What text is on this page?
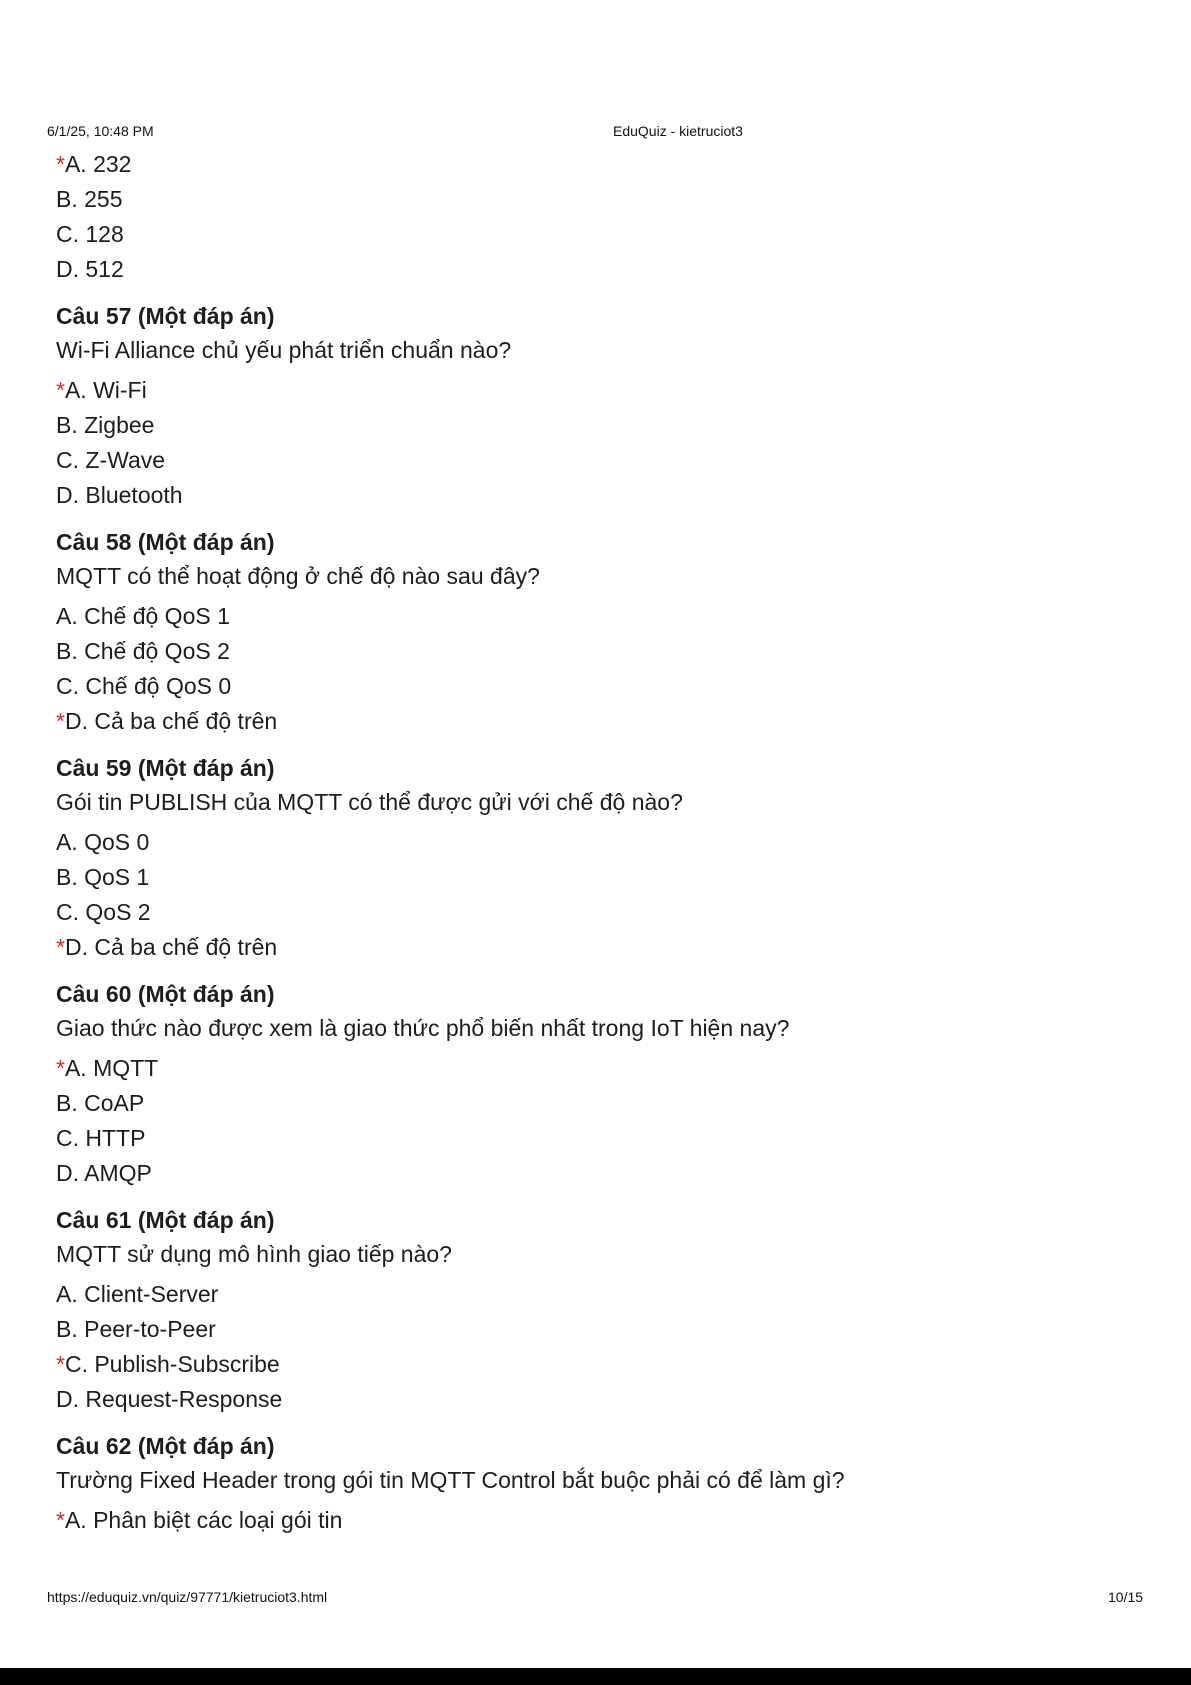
6/1/25, 10:48 PM	EduQuiz - kietruciot3
*A. 232
B. 255
C. 128
D. 512
Câu 57 (Một đáp án)
Wi-Fi Alliance chủ yếu phát triển chuẩn nào?
*A. Wi-Fi
B. Zigbee
C. Z-Wave
D. Bluetooth
Câu 58 (Một đáp án)
MQTT có thể hoạt động ở chế độ nào sau đây?
A. Chế độ QoS 1
B. Chế độ QoS 2
C. Chế độ QoS 0
*D. Cả ba chế độ trên
Câu 59 (Một đáp án)
Gói tin PUBLISH của MQTT có thể được gửi với chế độ nào?
A. QoS 0
B. QoS 1
C. QoS 2
*D. Cả ba chế độ trên
Câu 60 (Một đáp án)
Giao thức nào được xem là giao thức phổ biến nhất trong IoT hiện nay?
*A. MQTT
B. CoAP
C. HTTP
D. AMQP
Câu 61 (Một đáp án)
MQTT sử dụng mô hình giao tiếp nào?
A. Client-Server
B. Peer-to-Peer
*C. Publish-Subscribe
D. Request-Response
Câu 62 (Một đáp án)
Trường Fixed Header trong gói tin MQTT Control bắt buộc phải có để làm gì?
*A. Phân biệt các loại gói tin
https://eduquiz.vn/quiz/97771/kietruciot3.html	10/15
